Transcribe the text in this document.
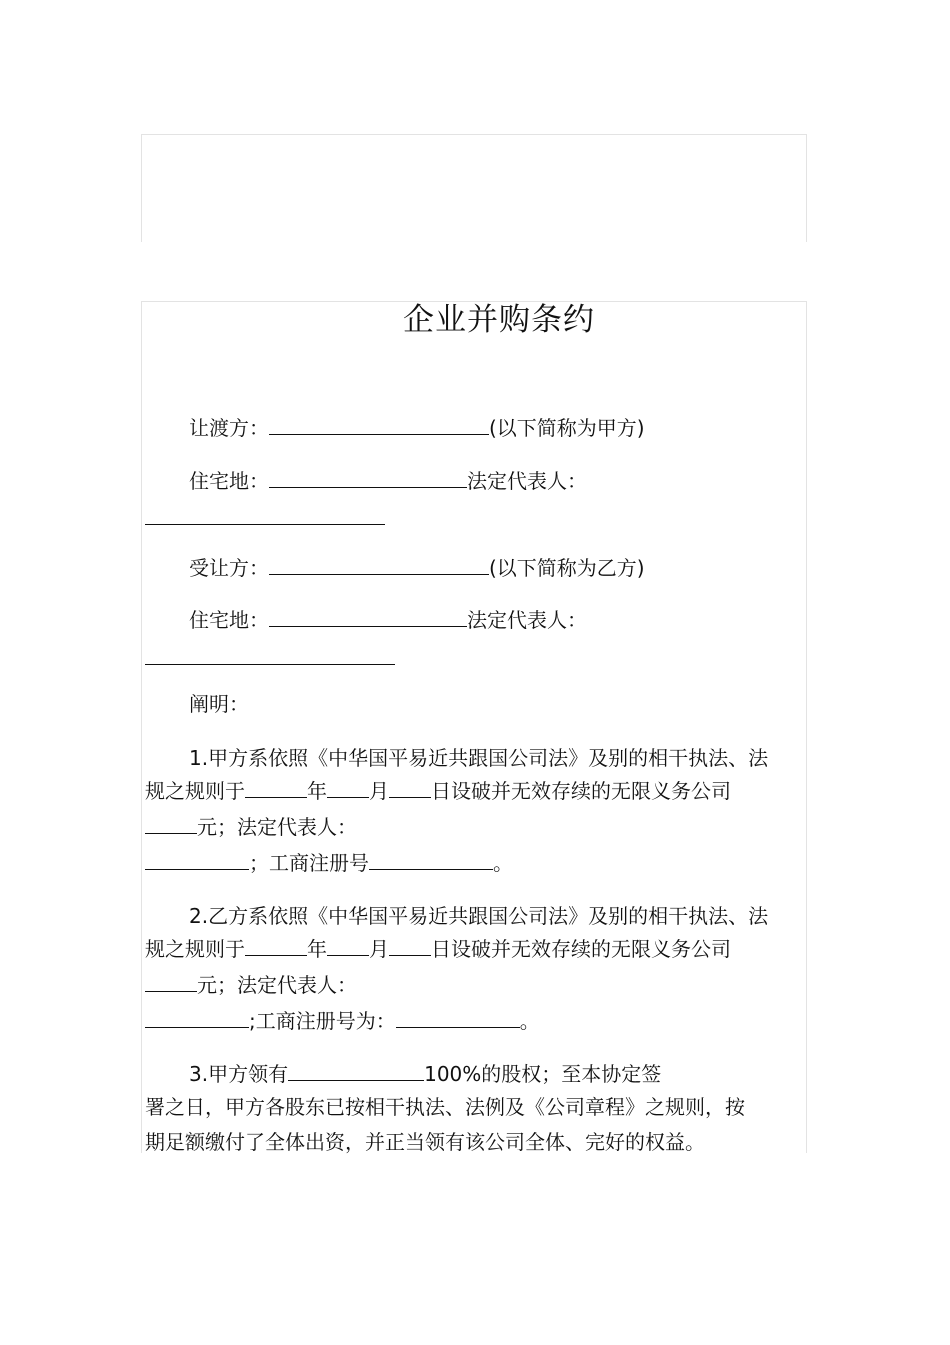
企业并购条约
让渡方：	(以下简称为甲方)
住宅地：	法定代表人：
受让方：	(以下简称为乙方)
住宅地：	法定代表人：
阐明：
1.甲方系依照《中华国平易近共跟国公司法》及别的相干执法、法
规之规则于	年 月 日设破并无效存续的无限义务公司
元；法定代表人：
；工商注册号	。
2.乙方系依照《中华国平易近共跟国公司法》及别的相干执法、法
规之规则于	年 月 日设破并无效存续的无限义务公司
元；法定代表人：
;工商注册号为：	。
3.甲方领有	100%的股权；至本协定签
署之日，甲方各股东已按相干执法、法例及《公司章程》之规则，按
期足额缴付了全体出资，并正当领有该公司全体、完好的权益。
